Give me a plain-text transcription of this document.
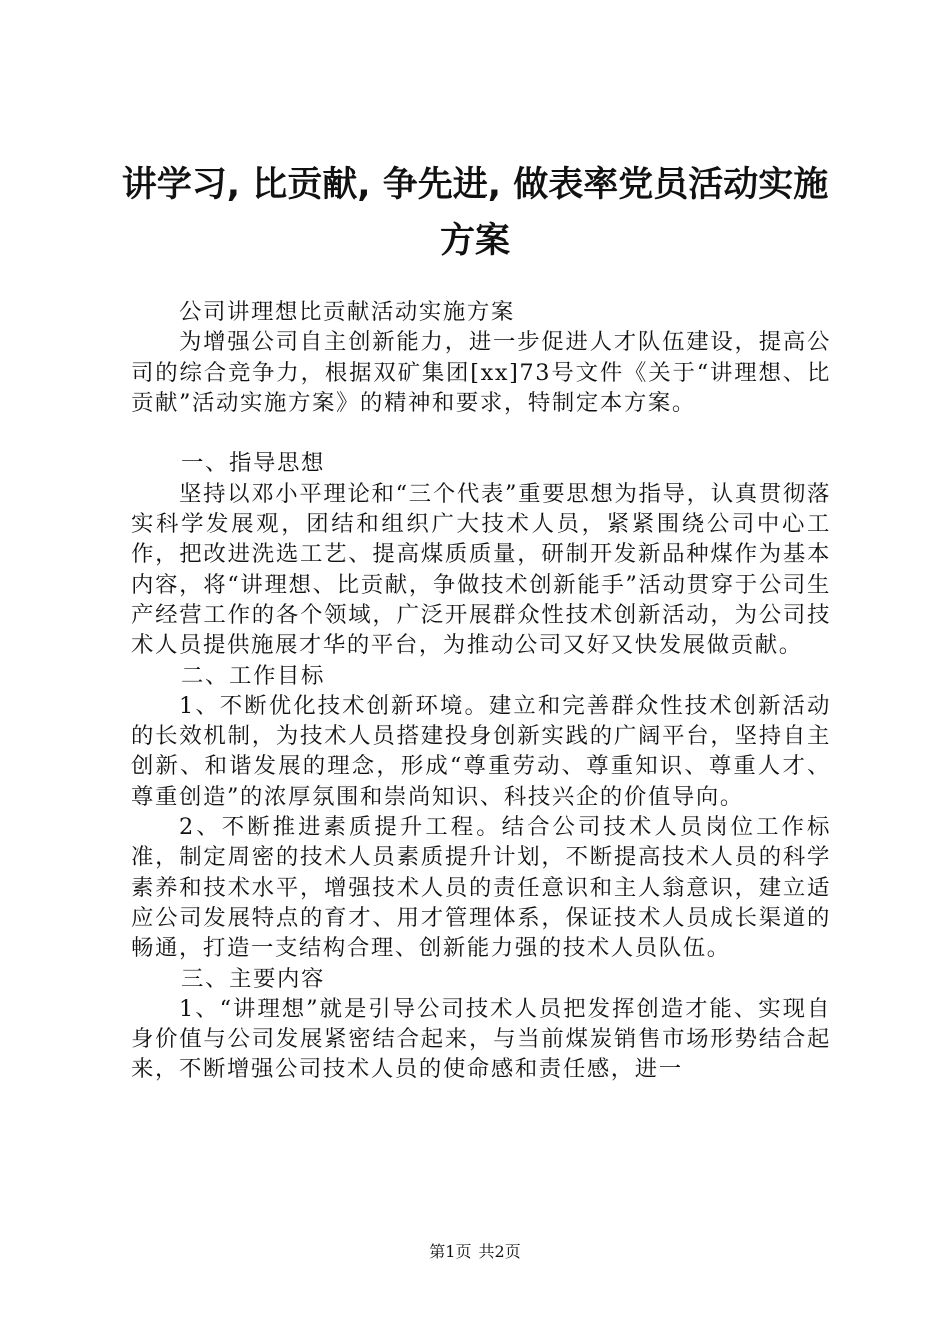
讲学习, 比贡献, 争先进, 做表率党员活动实施
方案

公司讲理想比贡献活动实施方案

为增强公司自主创新能力，进一步促进人才队伍建设，提高公司的综合竞争力，根据双矿集团[xx]73号文件《关于“讲理想、比贡献”活动实施方案》的精神和要求，特制定本方案。

一、指导思想

坚持以邓小平理论和“三个代表”重要思想为指导，认真贯彻落实科学发展观，团结和组织广大技术人员，紧紧围绕公司中心工作，把改进洗选工艺、提高煤质质量，研制开发新品种煤作为基本内容，将“讲理想、比贡献，争做技术创新能手”活动贯穿于公司生产经营工作的各个领域，广泛开展群众性技术创新活动，为公司技术人员提供施展才华的平台，为推动公司又好又快发展做贡献。

二、工作目标

1、不断优化技术创新环境。建立和完善群众性技术创新活动的长效机制，为技术人员搭建投身创新实践的广阔平台，坚持自主创新、和谐发展的理念，形成“尊重劳动、尊重知识、尊重人才、尊重创造”的浓厚氛围和崇尚知识、科技兴企的价值导向。

2、不断推进素质提升工程。结合公司技术人员岗位工作标准，制定周密的技术人员素质提升计划，不断提高技术人员的科学素养和技术水平，增强技术人员的责任意识和主人翁意识，建立适应公司发展特点的育才、用才管理体系，保证技术人员成长渠道的畅通，打造一支结构合理、创新能力强的技术人员队伍。

三、主要内容

1、“讲理想”就是引导公司技术人员把发挥创造才能、实现自身价值与公司发展紧密结合起来，与当前煤炭销售市场形势结合起来，不断增强公司技术人员的使命感和责任感，进一

第1页 共2页
